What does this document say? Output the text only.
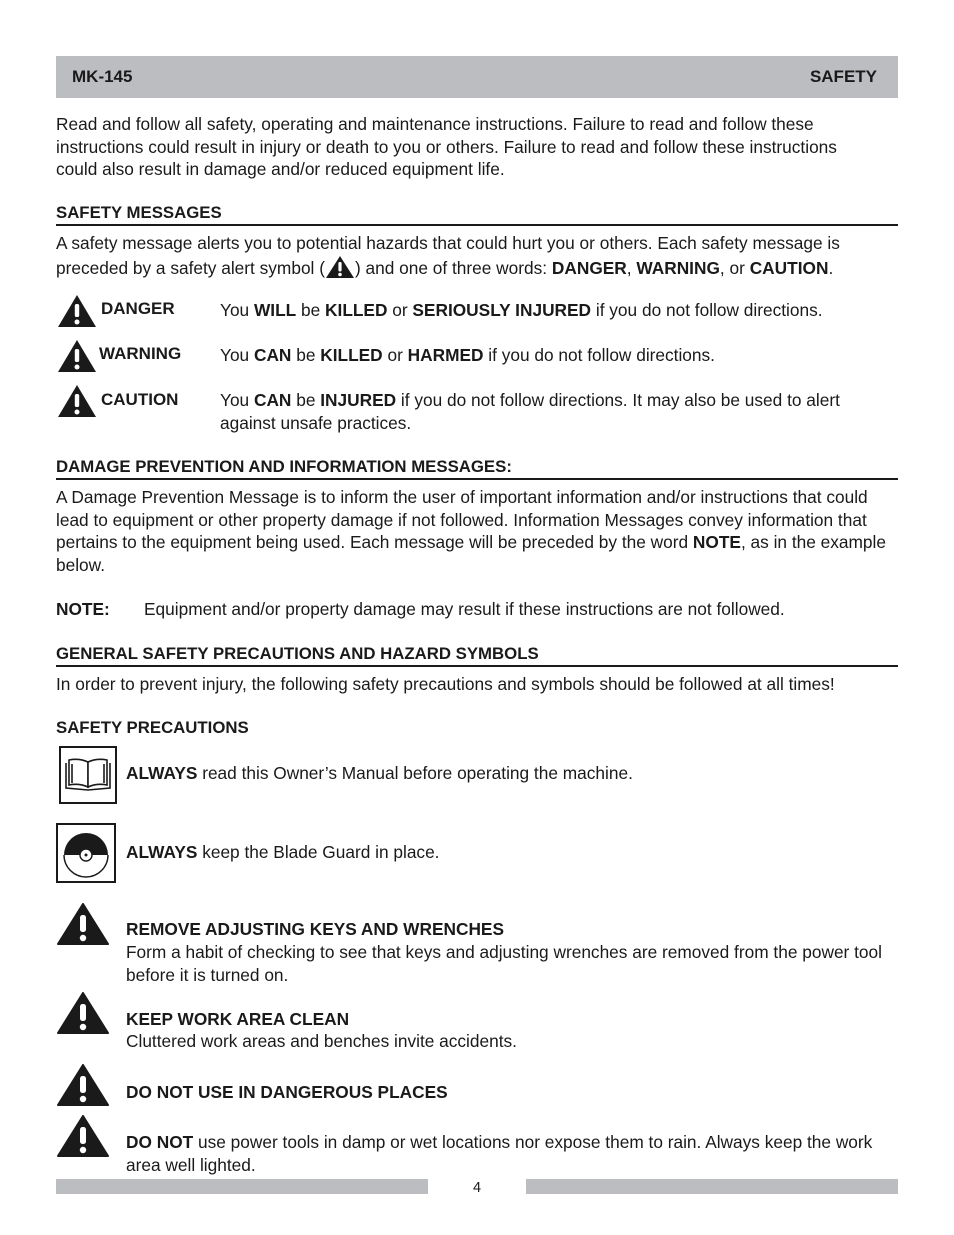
MK-145	SAFETY
Read and follow all safety, operating and maintenance instructions. Failure to read and follow these instructions could result in injury or death to you or others. Failure to read and follow these instructions could also result in damage and/or reduced equipment life.
SAFETY MESSAGES
A safety message alerts you to potential hazards that could hurt you or others. Each safety message is preceded by a safety alert symbol ( ) and one of three words: DANGER, WARNING, or CAUTION.
DANGER	You WILL be KILLED or SERIOUSLY INJURED if you do not follow directions.
WARNING You CAN be KILLED or HARMED if you do not follow directions.
CAUTION You CAN be INJURED if you do not follow directions. It may also be used to alert against unsafe practices.
DAMAGE PREVENTION AND INFORMATION MESSAGES:
A Damage Prevention Message is to inform the user of important information and/or instructions that could lead to equipment or other property damage if not followed. Information Messages convey information that pertains to the equipment being used. Each message will be preceded by the word NOTE, as in the example below.
NOTE: Equipment and/or property damage may result if these instructions are not followed.
GENERAL SAFETY PRECAUTIONS AND HAZARD SYMBOLS
In order to prevent injury, the following safety precautions and symbols should be followed at all times!
SAFETY PRECAUTIONS
ALWAYS read this Owner’s Manual before operating the machine.
ALWAYS keep the Blade Guard in place.
REMOVE ADJUSTING KEYS AND WRENCHES
Form a habit of checking to see that keys and adjusting wrenches are removed from the power tool before it is turned on.
KEEP WORK AREA CLEAN
Cluttered work areas and benches invite accidents.
DO NOT USE IN DANGEROUS PLACES
DO NOT use power tools in damp or wet locations nor expose them to rain. Always keep the work area well lighted.
4
